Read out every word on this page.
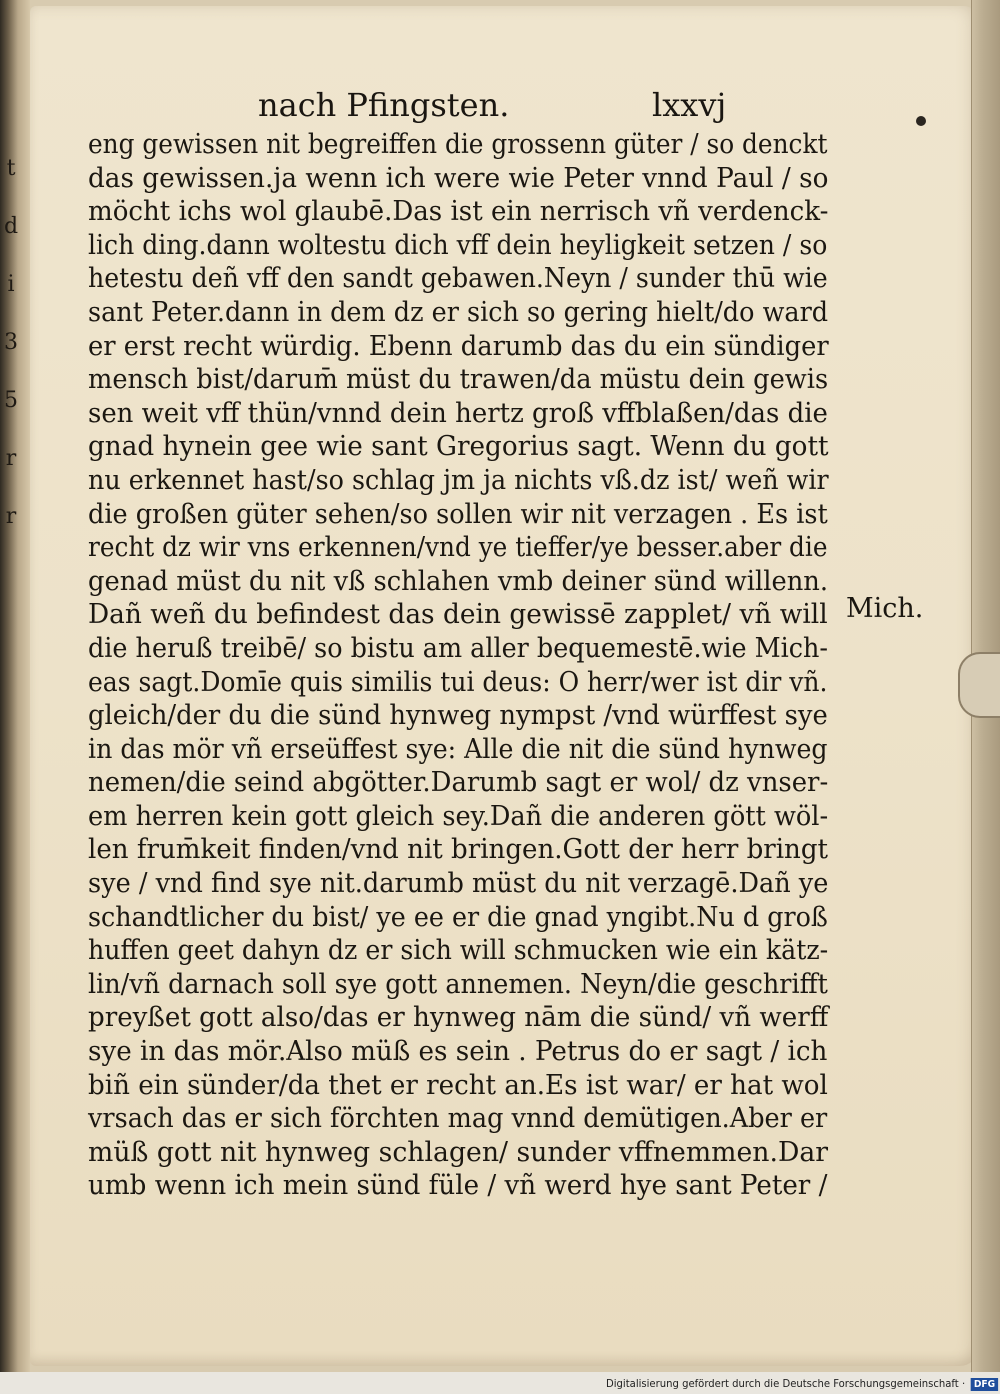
t
d
i
3
5
r
r
nach Pfingsten.	lxxvj
eng gewissen nit begreiffen die grossenn güter / so denckt
das gewissen.ja wenn ich were wie Peter vnnd Paul / so
möcht ichs wol glaubē.Das ist ein nerrisch vñ verdenck-
lich ding.dann woltestu dich vff dein heyligkeit setzen / so
hetestu deñ vff den sandt gebawen.Neyn / sunder thū wie
sant Peter.dann in dem dz er sich so gering hielt/do ward
er erst recht würdig. Ebenn darumb das du ein sündiger
mensch bist/darum̄ müst du trawen/da müstu dein gewis
sen weit vff thün/vnnd dein hertz groß vffblaßen/das die
gnad hynein gee wie sant Gregorius sagt. Wenn du gott
nu erkennet hast/so schlag jm ja nichts vß.dz ist/ weñ wir
die großen güter sehen/so sollen wir nit verzagen . Es ist
recht dz wir vns erkennen/vnd ye tieffer/ye besser.aber die
genad müst du nit vß schlahen vmb deiner sünd willenn.
Dañ weñ du befindest das dein gewissē zapplet/ vñ will
die heruß treibē/ so bistu am aller bequemestē.wie Mich-
eas sagt.Domīe quis similis tui deus: O herr/wer ist dir vñ.
gleich/der du die sünd hynweg nympst /vnd würffest sye
in das mör vñ erseüffest sye: Alle die nit die sünd hynweg
nemen/die seind abgötter.Darumb sagt er wol/ dz vnser-
em herren kein gott gleich sey.Dañ die anderen gött wöl-
len frum̄keit finden/vnd nit bringen.Gott der herr bringt
sye / vnd find sye nit.darumb müst du nit verzagē.Dañ ye
schandtlicher du bist/ ye ee er die gnad yngibt.Nu d groß
huffen geet dahyn dz er sich will schmucken wie ein kätz-
lin/vñ darnach soll sye gott annemen. Neyn/die geschrifft
preyßet gott also/das er hynweg nām die sünd/ vñ werff
sye in das mör.Also müß es sein . Petrus do er sagt / ich
biñ ein sünder/da thet er recht an.Es ist war/ er hat wol
vrsach das er sich förchten mag vnnd demütigen.Aber er
müß gott nit hynweg schlagen/ sunder vffnemmen.Dar
umb wenn ich mein sünd füle / vñ werd hye sant Peter /
Mich.
Digitalisierung gefördert durch die Deutsche Forschungsgemeinschaft · DFG
